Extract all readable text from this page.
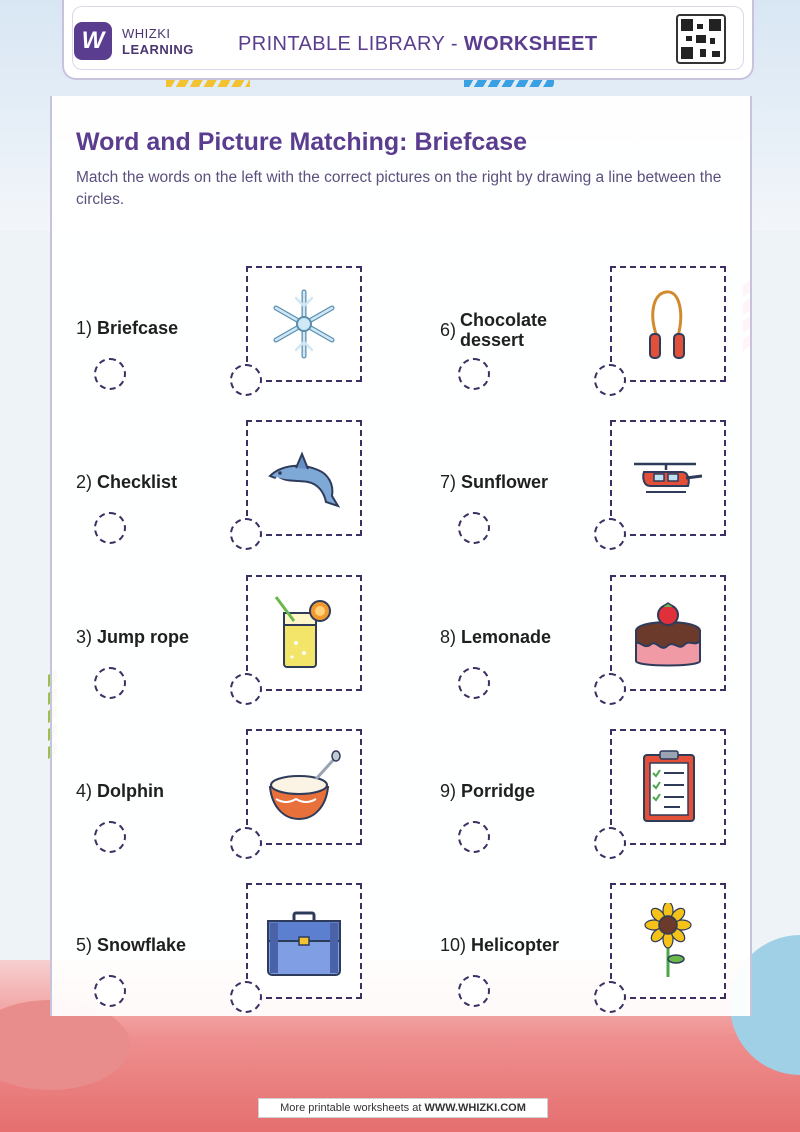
W	WHIZKI
LEARNING PRINTABLE LIBRARY - WORKSHEET
Word and Picture Matching: Briefcase
Match the words on the left with the correct pictures on the right by drawing a line between the circles.
1) Briefcase
2) Checklist
3) Jump rope
4) Dolphin
5) Snowflake
6) Chocolate dessert
7) Sunflower
8) Lemonade
9) Porridge
10) Helicopter
More printable worksheets at WWW.WHIZKI.COM
